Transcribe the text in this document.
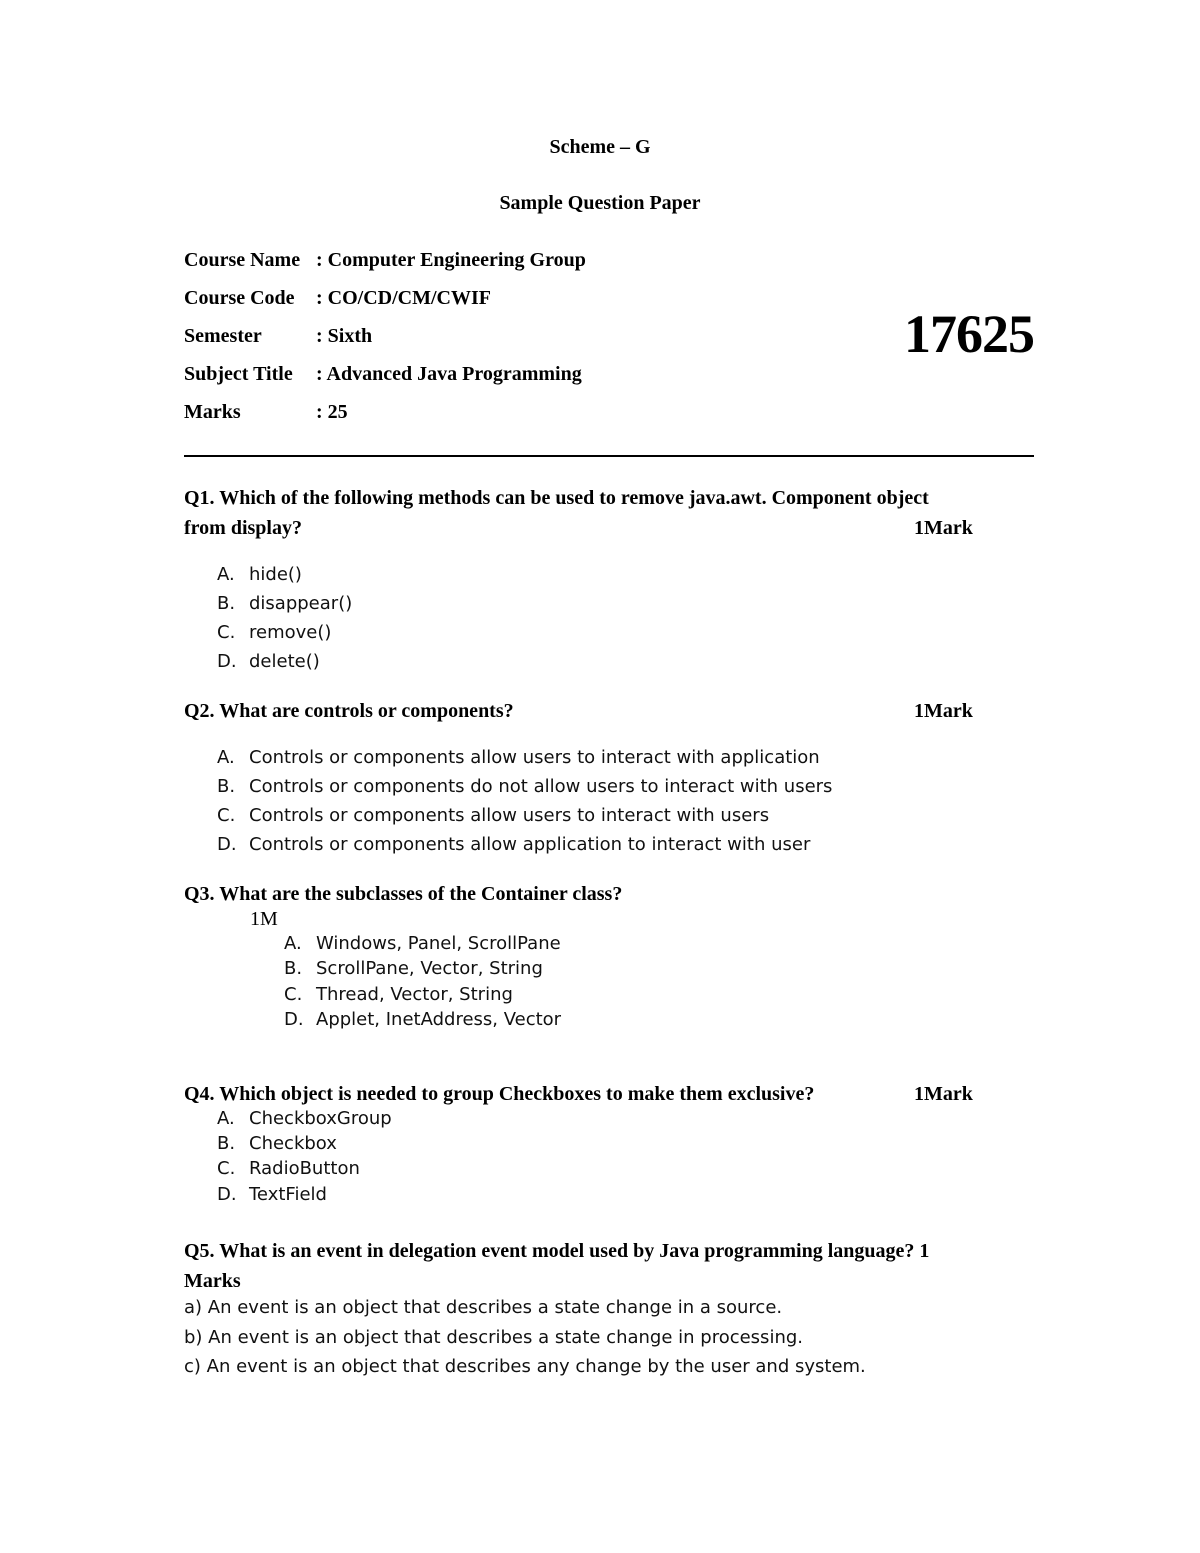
Scheme – G
Sample Question Paper
Course Name : Computer Engineering Group
Course Code : CO/CD/CM/CWIF
Semester	: Sixth
Subject Title : Advanced Java Programming
Marks	: 25
17625
Q1. Which of the following methods can be used to remove java.awt. Component object
from display?	1Mark
A. hide()
B. disappear()
C. remove()
D. delete()
Q2. What are controls or components?	1Mark
A. Controls or components allow users to interact with application
B. Controls or components do not allow users to interact with users
C. Controls or components allow users to interact with users
D. Controls or components allow application to interact with user
Q3. What are the subclasses of the Container class?
1M
A. Windows, Panel, ScrollPane
B. ScrollPane, Vector, String
C. Thread, Vector, String
D. Applet, InetAddress, Vector
Q4. Which object is needed to group Checkboxes to make them exclusive?	1Mark
A. CheckboxGroup
B. Checkbox
C. RadioButton
D. TextField
Q5. What is an event in delegation event model used by Java programming language? 1
Marks
a) An event is an object that describes a state change in a source.
b) An event is an object that describes a state change in processing.
c) An event is an object that describes any change by the user and system.
